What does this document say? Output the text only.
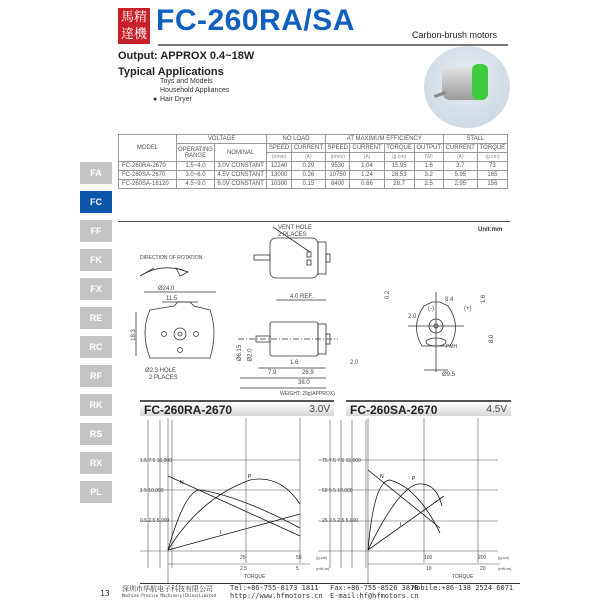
馬精
達機 FC-260RA/SA	Carbon-brush motors
Output: APPROX 0.4~18W
Typical Applications
Toys and Models
Household Appliances
● Hair Dryer
MODEL	VOLTAGE		NO LOAD		AT MAXIMUM EFFICIENCY				STALL	
	OPERATING RANGE	NOMINAL	SPEED	CURRENT	SPEED	CURRENT	TORQUE	OUTPUT	CURRENT	TORQUE
			(r/min)	(A)	(r/min)	(A)	(g.cm)	(W)	(A)	(g.cm)
FC-260RA-2670	1.5~4.0	3.0V CONSTANT	12240	0.29	9530	1.04	15.95	1.6	3.7	73
FC-260SA-2670	3.0~6.0	4.5V CONSTANT	13000	0.26	10750	1.24	28.53	3.2	5.95	165
FC-260SA-16120	4.5~9.0	6.0V CONSTANT	10300	0.15	8400	0.66	28.7	2.5	2.95	156
FA
FC
FF
FK
FX
RE
RC
RF
RK
RS
RX
PL
Unit:mm
DIRECTION OF ROTATION
VENT HOLE
2 PLACES
Ø24.0
11.5
18.3
Ø2.3 HOLE
2 PLACES
4.0 REF.
Ø6.15 Ø2.0
1.6
7.9	26.9
38.0
2.0
WEIGHT: 29g(APPROX)
0.2
2.0
8.4
(-)	(+)
1.6
8.0
Ø9.5
PMH
FC-260RA-2670	3.0V
N
P
I
1.5 7.5 15,000
1 5 10,000
0.5 2.5 5,000
25	50	(g.cm)
2.5	5	(mN.m)
TORQUE
FC-260SA-2670	4.5V
N	P
I
75 7.5 7.5 15,000
50 5 5 10,000
25 2.5 2.5 5,000
100	200	(g.cm)
10	20	(mN.m)
TORQUE
13 深圳市华航电子科技有限公司
Machine Precise Machinery(China)Limited
Tel:+86-755-8173 1811
http://www.hfmotors.cn
Fax:+86-755-8526 3878
E-mail:hf@hfmotors.cn
Mobile:+86-138 2524 6071
